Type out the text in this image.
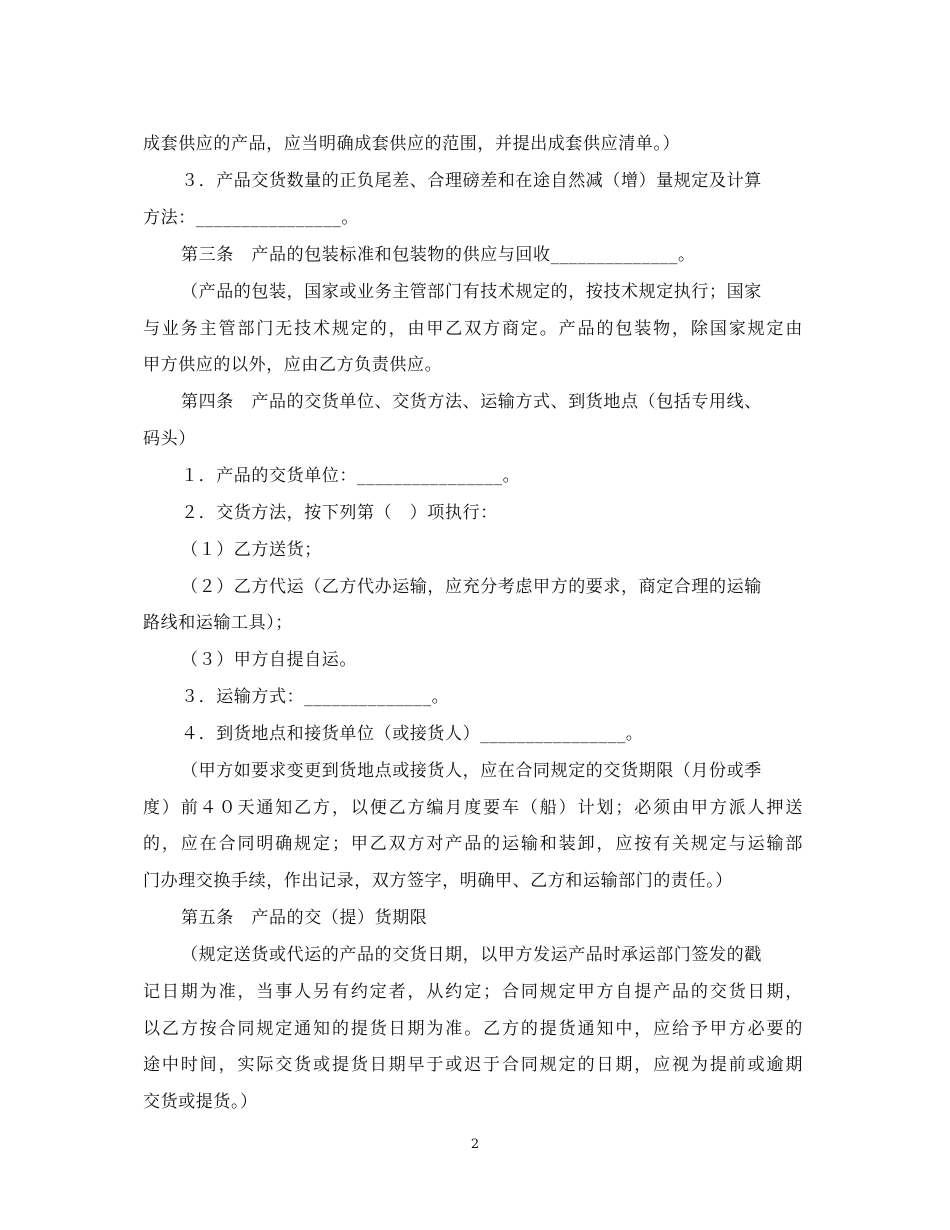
成套供应的产品，应当明确成套供应的范围，并提出成套供应清单。）
３．产品交货数量的正负尾差、合理磅差和在途自然减（增）量规定及计算
方法：________________。
第三条　产品的包装标准和包装物的供应与回收______________。
（产品的包装，国家或业务主管部门有技术规定的，按技术规定执行；国家
与业务主管部门无技术规定的，由甲乙双方商定。产品的包装物，除国家规定由
甲方供应的以外，应由乙方负责供应。
第四条　产品的交货单位、交货方法、运输方式、到货地点（包括专用线、
码头）
１．产品的交货单位：________________。
２．交货方法，按下列第（　）项执行：
（１）乙方送货；
（２）乙方代运（乙方代办运输，应充分考虑甲方的要求，商定合理的运输
路线和运输工具）；
（３）甲方自提自运。
３．运输方式：______________。
４．到货地点和接货单位（或接货人）________________。
（甲方如要求变更到货地点或接货人，应在合同规定的交货期限（月份或季
度）前４０天通知乙方，以便乙方编月度要车（船）计划；必须由甲方派人押送
的，应在合同明确规定；甲乙双方对产品的运输和装卸，应按有关规定与运输部
门办理交换手续，作出记录，双方签字，明确甲、乙方和运输部门的责任。）
第五条　产品的交（提）货期限
（规定送货或代运的产品的交货日期，以甲方发运产品时承运部门签发的戳
记日期为准，当事人另有约定者，从约定；合同规定甲方自提产品的交货日期，
以乙方按合同规定通知的提货日期为准。乙方的提货通知中，应给予甲方必要的
途中时间，实际交货或提货日期早于或迟于合同规定的日期，应视为提前或逾期
交货或提货。）
2
